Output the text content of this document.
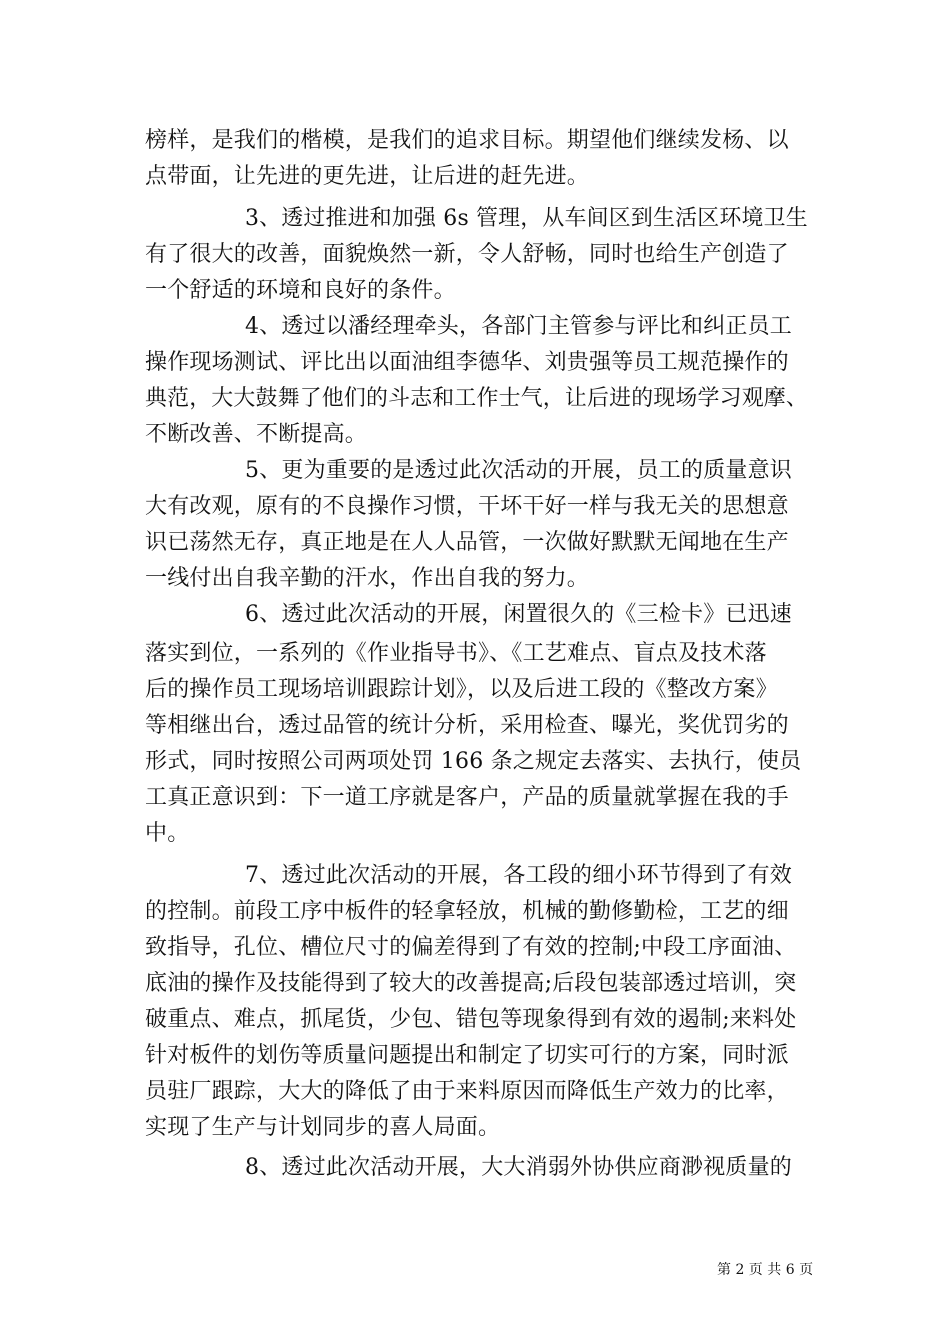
榜样，是我们的楷模，是我们的追求目标。期望他们继续发杨、以
点带面，让先进的更先进，让后进的赶先进。
3、透过推进和加强 6s 管理，从车间区到生活区环境卫生
有了很大的改善，面貌焕然一新，令人舒畅，同时也给生产创造了
一个舒适的环境和良好的条件。
4、透过以潘经理牵头，各部门主管参与评比和纠正员工
操作现场测试、评比出以面油组李德华、刘贵强等员工规范操作的
典范，大大鼓舞了他们的斗志和工作士气，让后进的现场学习观摩、
不断改善、不断提高。
5、更为重要的是透过此次活动的开展，员工的质量意识
大有改观，原有的不良操作习惯，干坏干好一样与我无关的思想意
识已荡然无存，真正地是在人人品管，一次做好默默无闻地在生产
一线付出自我辛勤的汗水，作出自我的努力。
6、透过此次活动的开展，闲置很久的《三检卡》已迅速
落实到位，一系列的《作业指导书》、《工艺难点、盲点及技术落
后的操作员工现场培训跟踪计划》，以及后进工段的《整改方案》
等相继出台，透过品管的统计分析，采用检查、曝光，奖优罚劣的
形式，同时按照公司两项处罚 166 条之规定去落实、去执行，使员
工真正意识到：下一道工序就是客户，产品的质量就掌握在我的手
中。
7、透过此次活动的开展，各工段的细小环节得到了有效
的控制。前段工序中板件的轻拿轻放，机械的勤修勤检，工艺的细
致指导，孔位、槽位尺寸的偏差得到了有效的控制;中段工序面油、
底油的操作及技能得到了较大的改善提高;后段包装部透过培训，突
破重点、难点，抓尾货，少包、错包等现象得到有效的遏制;来料处
针对板件的划伤等质量问题提出和制定了切实可行的方案，同时派
员驻厂跟踪，大大的降低了由于来料原因而降低生产效力的比率，
实现了生产与计划同步的喜人局面。
8、透过此次活动开展，大大消弱外协供应商渺视质量的
第 2 页 共 6 页
